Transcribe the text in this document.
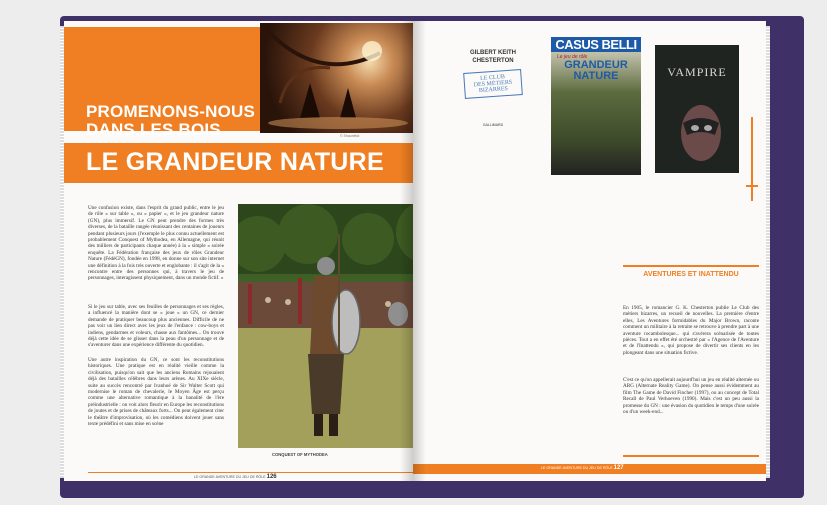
PROMENONS-NOUS
DANS LES BOIS	© Shaunfeld
LE GRANDEUR NATURE

Une confusion existe, dans l'esprit du grand public, entre le jeu de rôle « sur table », ou « papier », et le jeu grandeur nature (GN), plus immersif. Le GN peut prendre des formes très diverses, de la bataille rangée réunissant des centaines de joueurs pendant plusieurs jours (l'exemple le plus connu actuellement est probablement Conquest of Mythodea, en Allemagne, qui réunit des milliers de participants chaque année) à la « simple » soirée enquête. La Fédération française des jeux de rôles Grandeur Nature (FédéGN), fondée en 1998, en donne sur son site internet une définition à la fois très ouverte et englobante : il s'agit de la « rencontre entre des personnes qui, à travers le jeu de personnages, interagissent physiquement, dans un monde fictif. »

Si le jeu sur table, avec ses feuilles de personnages et ses règles, a influencé la manière dont se « joue » un GN, ce dernier demande de pratiquer beaucoup plus anciennes. Difficile de ne pas voir un lien direct avec les jeux de l'enfance : cow-boys et indiens, gendarmes et voleurs, chasse aux fantômes... On trouve déjà cette idée de se glisser dans la peau d'un personnage et de s'aventurer dans une expérience différente du quotidien.

Une autre inspiration du GN, ce sont les reconstitutions historiques. Une pratique est en réalité vieille comme la civilisation, puisqu'on sait que les anciens Romains rejouaient déjà des batailles célèbres dans leurs arènes. Au XIXe siècle, suite au succès rencontré par Ivanhoé de Sir Walter Scott qui modernise le roman de chevalerie, le Moyen Âge est perçu comme une alternative romantique à la banalité de l'ère préindustrielle : on voit alors fleurir en Europe les reconstitutions de joutes et de prises de châteaux forts... On peut également citer le théâtre d'improvisation, où les comédiens doivent jouer sans texte prédéfini et sans mise en scène

LE GRANDE AVENTURE DU JEU DE RÔLE 126
CONQUEST OF MYTHODEA
GILBERT KEITH CHESTERTON
LE CLUB
DES MÉTIERS
BIZARRES
GALLIMARD
CASUS BELLI
Le jeu de rôle
GRANDEUR
NATURE	VAMPIRE
AVENTURES ET INATTENDU

En 1905, le romancier G. K. Chesterton publie Le Club des métiers bizarres, un recueil de nouvelles. La première d'entre elles, Les Aventures formidables du Major Brown, raconte comment un militaire à la retraite se retrouve à prendre part à une aventure rocambolesque... qui s'avérera scénarisée de toutes pièces. Tout a en effet été orchestré par « l'Agence de l'Aventure et de l'Inattendu », qui propose de divertir ses clients en les plongeant dans une situation fictive.

C'est ce qu'on appellerait aujourd'hui un jeu en réalité alternée ou ARG (Alternate Reality Game). On pense aussi évidemment au film The Game de David Fincher (1997), ou au concept de Total Recall de Paul Verhoeven (1990). Mais c'est un peu aussi la promesse du GN : une évasion du quotidien le temps d'une soirée ou d'un week-end...

LE GRANDE AVENTURE DU JEU DE RÔLE 127
